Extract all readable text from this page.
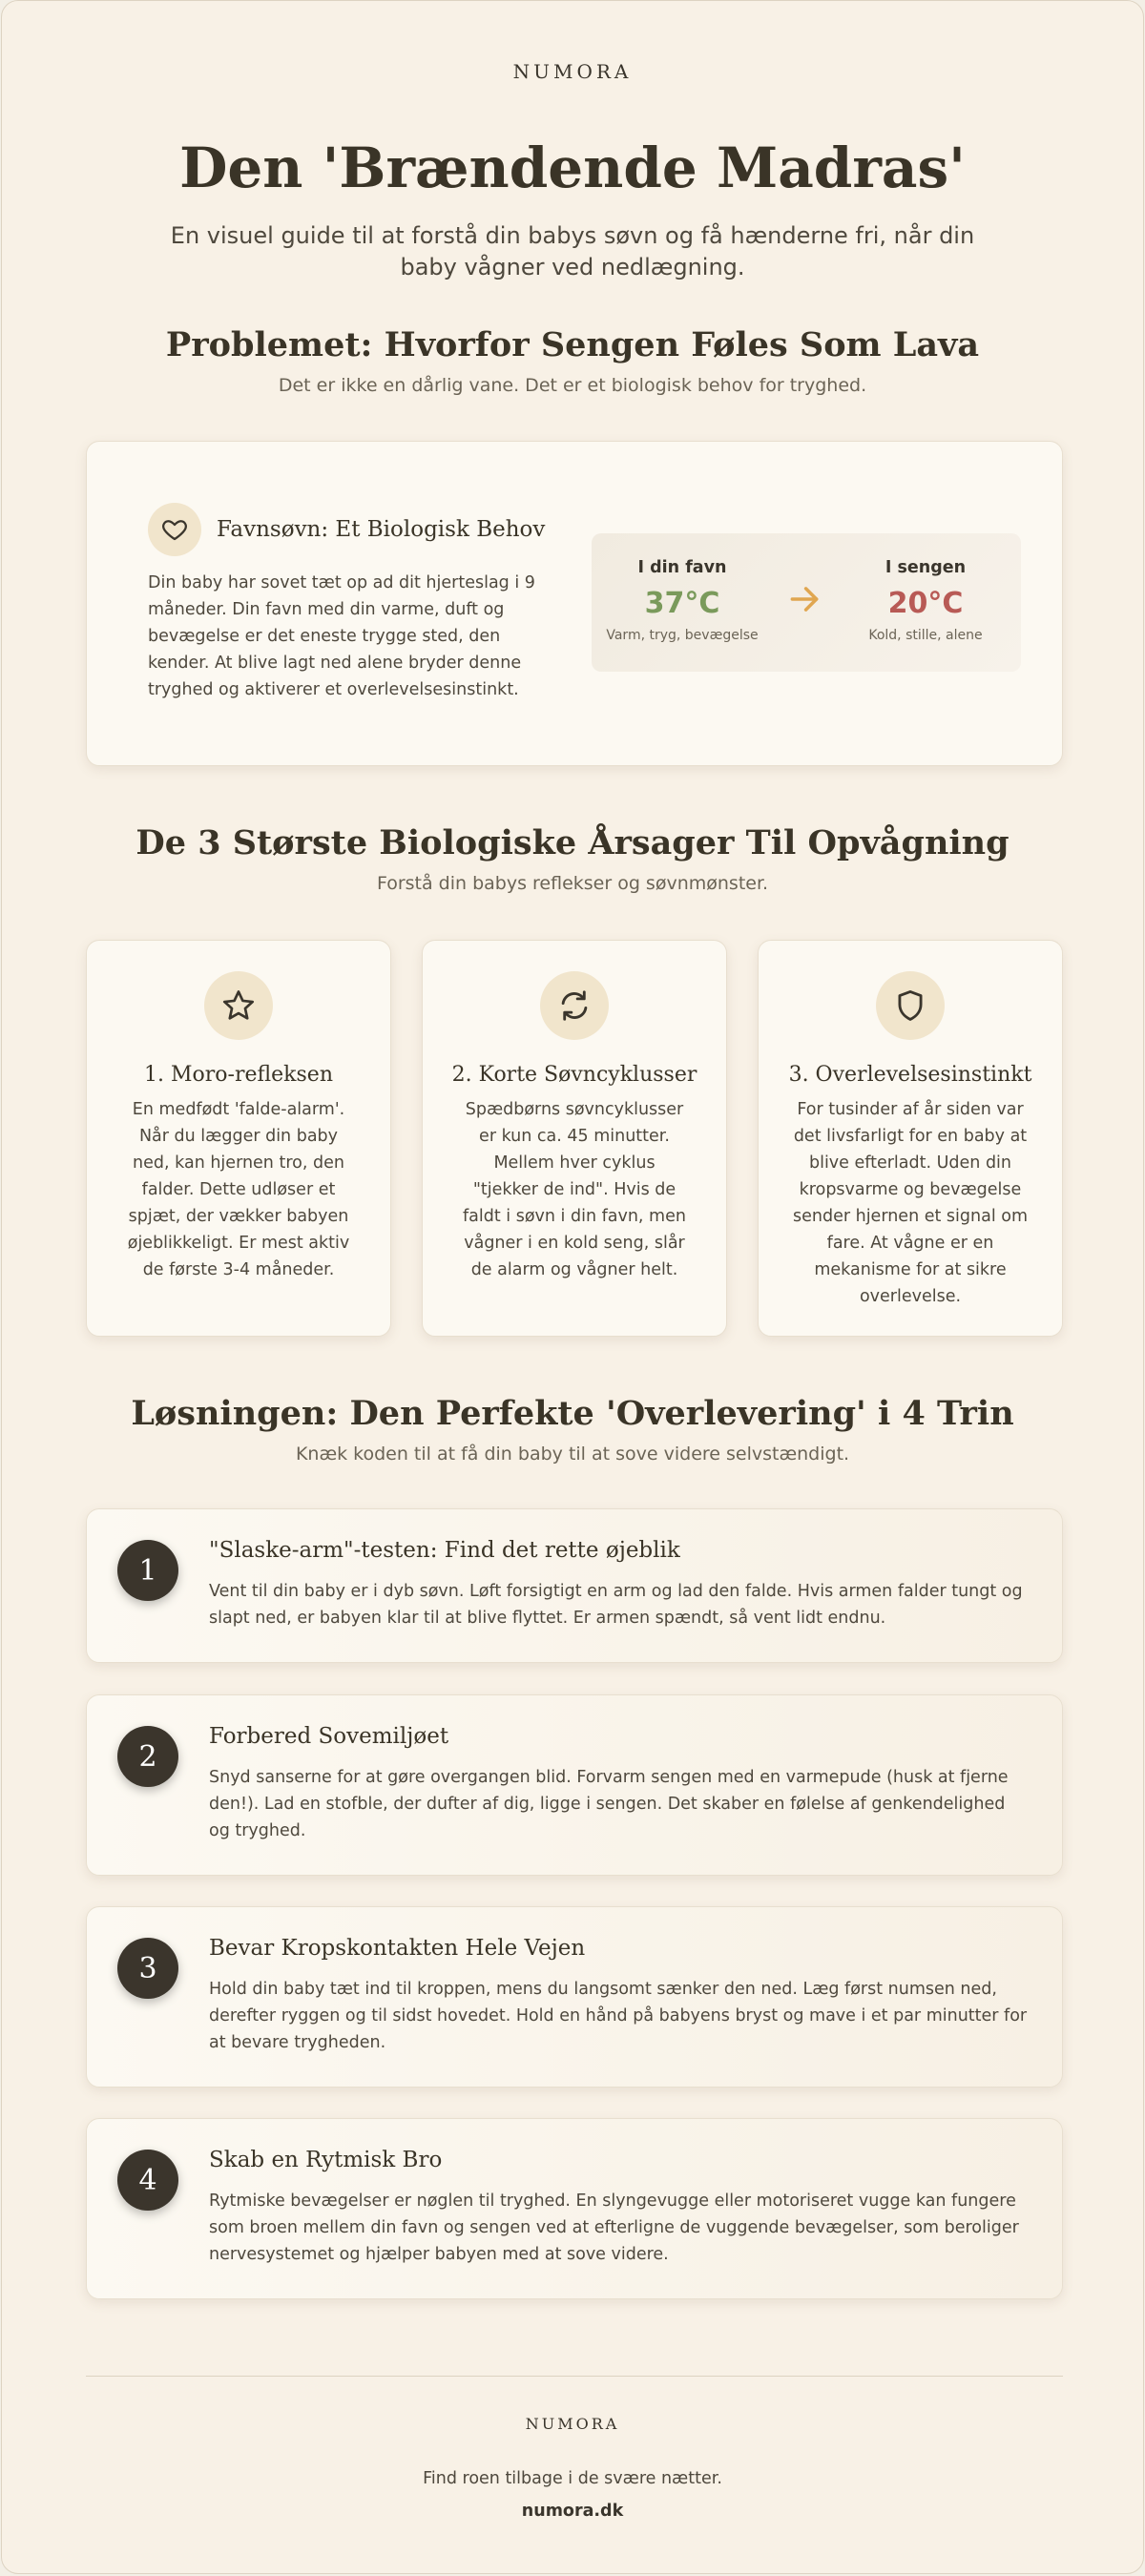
NUMORA
Den 'Brændende Madras'
En visuel guide til at forstå din babys søvn og få hænderne fri, når din baby vågner ved nedlægning.
Problemet: Hvorfor Sengen Føles Som Lava
Det er ikke en dårlig vane. Det er et biologisk behov for tryghed.
Favnsøvn: Et Biologisk Behov
Din baby har sovet tæt op ad dit hjerteslag i 9 måneder. Din favn med din varme, duft og bevægelse er det eneste trygge sted, den kender. At blive lagt ned alene bryder denne tryghed og aktiverer et overlevelsesinstinkt.
I din favn
37°C
Varm, tryg, bevægelse
I sengen
20°C
Kold, stille, alene
De 3 Største Biologiske Årsager Til Opvågning
Forstå din babys reflekser og søvnmønster.
1. Moro-refleksen
En medfødt 'falde-alarm'. Når du lægger din baby ned, kan hjernen tro, den falder. Dette udløser et spjæt, der vækker babyen øjeblikkeligt. Er mest aktiv de første 3-4 måneder.
2. Korte Søvncyklusser
Spædbørns søvncyklusser er kun ca. 45 minutter. Mellem hver cyklus "tjekker de ind". Hvis de faldt i søvn i din favn, men vågner i en kold seng, slår de alarm og vågner helt.
3. Overlevelsesinstinkt
For tusinder af år siden var det livsfarligt for en baby at blive efterladt. Uden din kropsvarme og bevægelse sender hjernen et signal om fare. At vågne er en mekanisme for at sikre overlevelse.
Løsningen: Den Perfekte 'Overlevering' i 4 Trin
Knæk koden til at få din baby til at sove videre selvstændigt.
1
"Slaske-arm"-testen: Find det rette øjeblik
Vent til din baby er i dyb søvn. Løft forsigtigt en arm og lad den falde. Hvis armen falder tungt og slapt ned, er babyen klar til at blive flyttet. Er armen spændt, så vent lidt endnu.
2
Forbered Sovemiljøet
Snyd sanserne for at gøre overgangen blid. Forvarm sengen med en varmepude (husk at fjerne den!). Lad en stofble, der dufter af dig, ligge i sengen. Det skaber en følelse af genkendelighed og tryghed.
3
Bevar Kropskontakten Hele Vejen
Hold din baby tæt ind til kroppen, mens du langsomt sænker den ned. Læg først numsen ned, derefter ryggen og til sidst hovedet. Hold en hånd på babyens bryst og mave i et par minutter for at bevare trygheden.
4
Skab en Rytmisk Bro
Rytmiske bevægelser er nøglen til tryghed. En slyngevugge eller motoriseret vugge kan fungere som broen mellem din favn og sengen ved at efterligne de vuggende bevægelser, som beroliger nervesystemet og hjælper babyen med at sove videre.
NUMORA
Find roen tilbage i de svære nætter.
numora.dk
